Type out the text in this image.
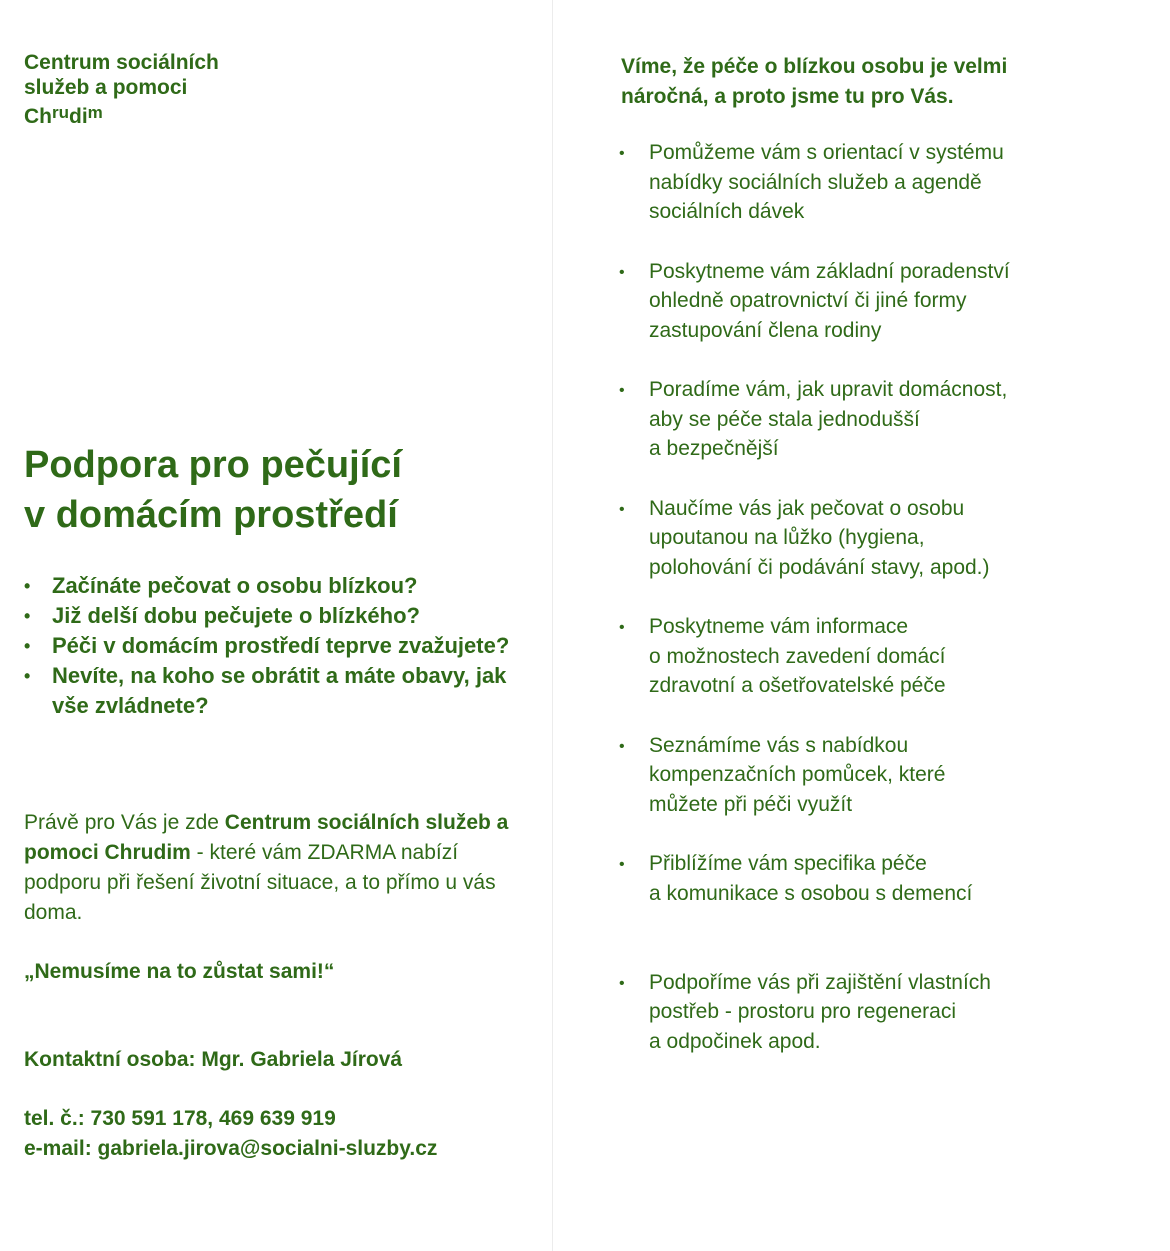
Centrum sociálních
služeb a pomoci
$Ch^{ru}di^m$
Podpora pro pečující
v domácím prostředí
• Začínáte pečovat o osobu blízkou?
• Již delší dobu pečujete o blízkého?
• Péči v domácím prostředí teprve zvažujete?
• Nevíte, na koho se obrátit a máte obavy, jak vše zvládnete?
Právě pro Vás je zde Centrum sociálních služeb a pomoci Chrudim - které vám ZDARMA nabízí podporu při řešení životní situace, a to přímo u vás doma.
„Nemusíme na to zůstat sami!“
Kontaktní osoba: Mgr. Gabriela Jírová
tel. č.: 730 591 178, 469 639 919
e-mail: gabriela.jirova@socialni-sluzby.cz
Víme, že péče o blízkou osobu je velmi
náročná, a proto jsme tu pro Vás.
• Pomůžeme vám s orientací v systému
nabídky sociálních služeb a agendě
sociálních dávek
• Poskytneme vám základní poradenství
ohledně opatrovnictví či jiné formy
zastupování člena rodiny
• Poradíme vám, jak upravit domácnost,
aby se péče stala jednodušší
a bezpečnější
• Naučíme vás jak pečovat o osobu
upoutanou na lůžko (hygiena,
polohování či podávání stavy, apod.)
• Poskytneme vám informace
o možnostech zavedení domácí
zdravotní a ošetřovatelské péče
• Seznámíme vás s nabídkou
kompenzačních pomůcek, které
můžete při péči využít
• Přiblížíme vám specifika péče
a komunikace s osobou s demencí
• Podpoříme vás při zajištění vlastních
postřeb - prostoru pro regeneraci
a odpočinek apod.
